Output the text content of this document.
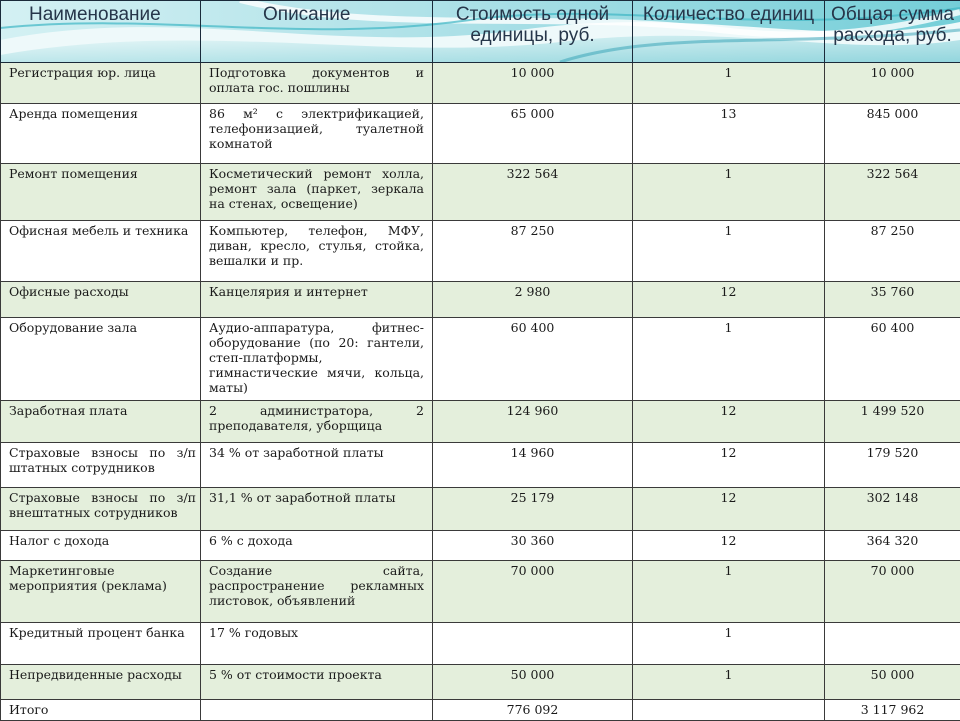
Наименование	Описание	Стоимость одной единицы, руб.	Количество единиц	Общая сумма расхода, руб.
Регистрация юр. лица	Подготовка документов и оплата гос. пошлины	10 000	1	10 000
Аренда помещения	86 м² с электрификацией, телефонизацией, туалетной комнатой	65 000	13	845 000
Ремонт помещения	Косметический ремонт холла, ремонт зала (паркет, зеркала на стенах, освещение)	322 564	1	322 564
Офисная мебель и техника	Компьютер, телефон, МФУ, диван, кресло, стулья, стойка, вешалки и пр.	87 250	1	87 250
Офисные расходы	Канцелярия и интернет	2 980	12	35 760
Оборудование зала	Аудио-аппаратура, фитнес-оборудование (по 20: гантели, степ-платформы, гимнастические мячи, кольца, маты)	60 400	1	60 400
Заработная плата	2 администратора, 2 преподавателя, уборщица	124 960	12	1 499 520
Страховые взносы по з/п штатных сотрудников	34 % от заработной платы	14 960	12	179 520
Страховые взносы по з/п внештатных сотрудников	31,1 % от заработной платы	25 179	12	302 148
Налог с дохода	6 % с дохода	30 360	12	364 320
Маркетинговые мероприятия (реклама)	Создание сайта, распространение рекламных листовок, объявлений	70 000	1	70 000
Кредитный процент банка	17 % годовых		1	
Непредвиденные расходы	5 % от стоимости проекта	50 000	1	50 000
Итого		776 092		3 117 962
